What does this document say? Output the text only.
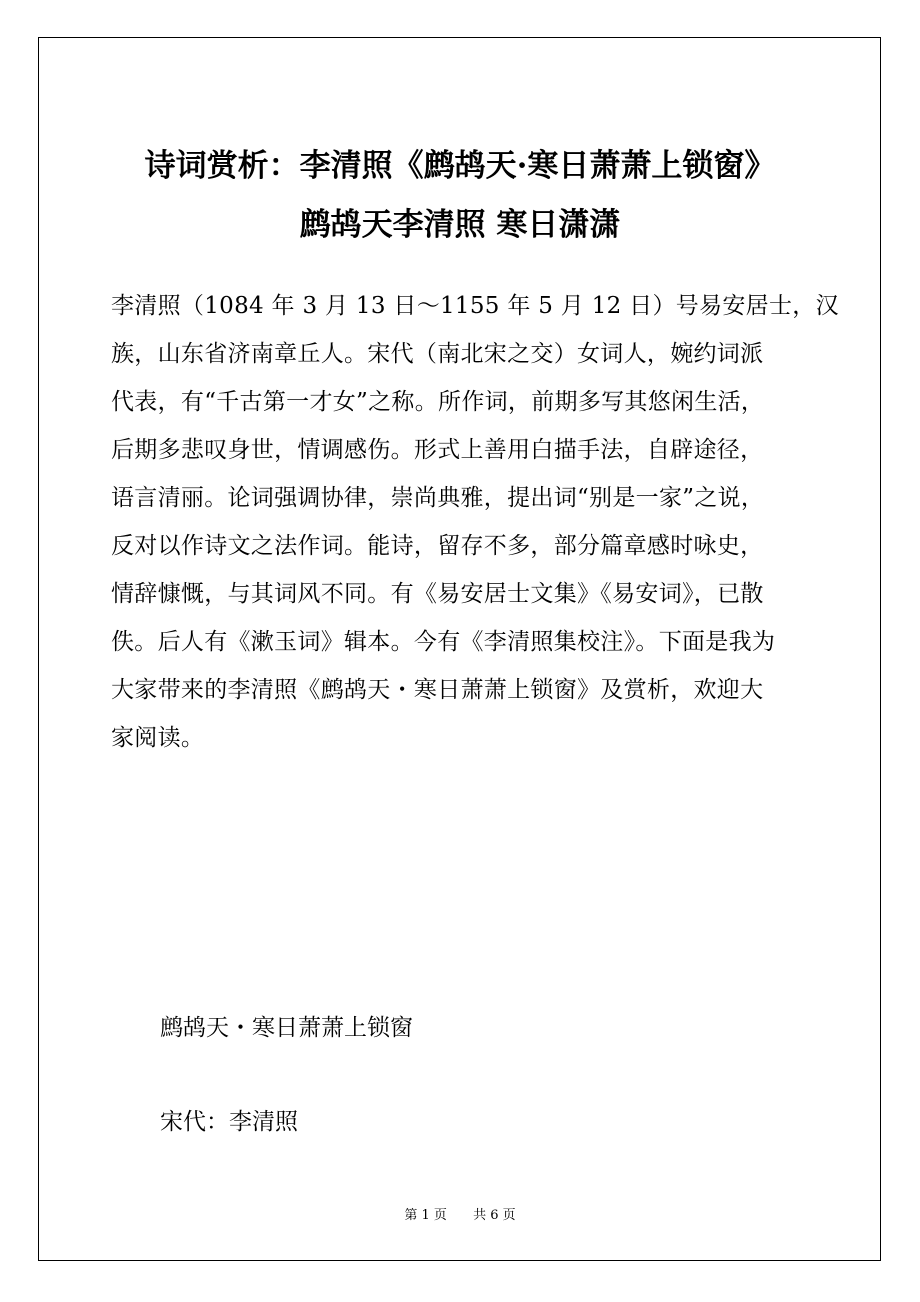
诗词赏析：李清照《鹧鸪天·寒日萧萧上锁窗》
鹧鸪天李清照 寒日潇潇
李清照（1084 年 3 月 13 日～1155 年 5 月 12 日）号易安居士，汉
族，山东省济南章丘人。宋代（南北宋之交）女词人，婉约词派
代表，有“千古第一才女”之称。所作词，前期多写其悠闲生活，
后期多悲叹身世，情调感伤。形式上善用白描手法，自辟途径，
语言清丽。论词强调协律，崇尚典雅，提出词“别是一家”之说，
反对以作诗文之法作词。能诗，留存不多，部分篇章感时咏史，
情辞慷慨，与其词风不同。有《易安居士文集》《易安词》，已散
佚。后人有《漱玉词》辑本。今有《李清照集校注》。下面是我为
大家带来的李清照《鹧鸪天・寒日萧萧上锁窗》及赏析，欢迎大
家阅读。
鹧鸪天・寒日萧萧上锁窗
宋代：李清照
第 1 页 共 6 页
